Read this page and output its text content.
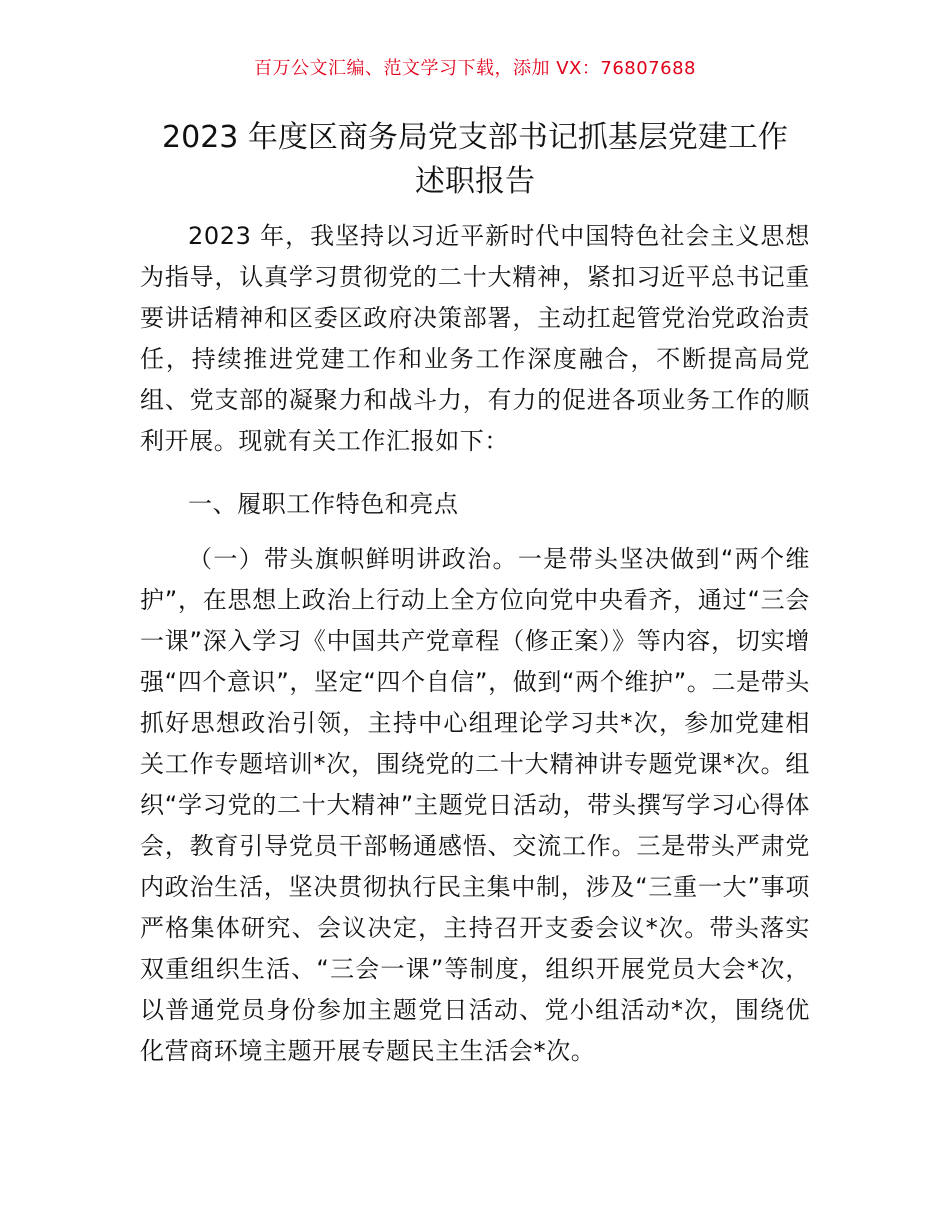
百万公文汇编、范文学习下载，添加 VX：76807688
2023 年度区商务局党支部书记抓基层党建工作
述职报告

2023 年，我坚持以习近平新时代中国特色社会主义思想为指导，认真学习贯彻党的二十大精神，紧扣习近平总书记重要讲话精神和区委区政府决策部署，主动扛起管党治党政治责任，持续推进党建工作和业务工作深度融合，不断提高局党组、党支部的凝聚力和战斗力，有力的促进各项业务工作的顺利开展。现就有关工作汇报如下：

一、履职工作特色和亮点

（一）带头旗帜鲜明讲政治。一是带头坚决做到“两个维护”，在思想上政治上行动上全方位向党中央看齐，通过“三会一课”深入学习《中国共产党章程（修正案）》等内容，切实增强“四个意识”，坚定“四个自信”，做到“两个维护”。二是带头抓好思想政治引领，主持中心组理论学习共*次，参加党建相关工作专题培训*次，围绕党的二十大精神讲专题党课*次。组织“学习党的二十大精神”主题党日活动，带头撰写学习心得体会，教育引导党员干部畅通感悟、交流工作。三是带头严肃党内政治生活，坚决贯彻执行民主集中制，涉及“三重一大”事项严格集体研究、会议决定，主持召开支委会议*次。带头落实双重组织生活、“三会一课”等制度，组织开展党员大会*次，以普通党员身份参加主题党日活动、党小组活动*次，围绕优化营商环境主题开展专题民主生活会*次。
